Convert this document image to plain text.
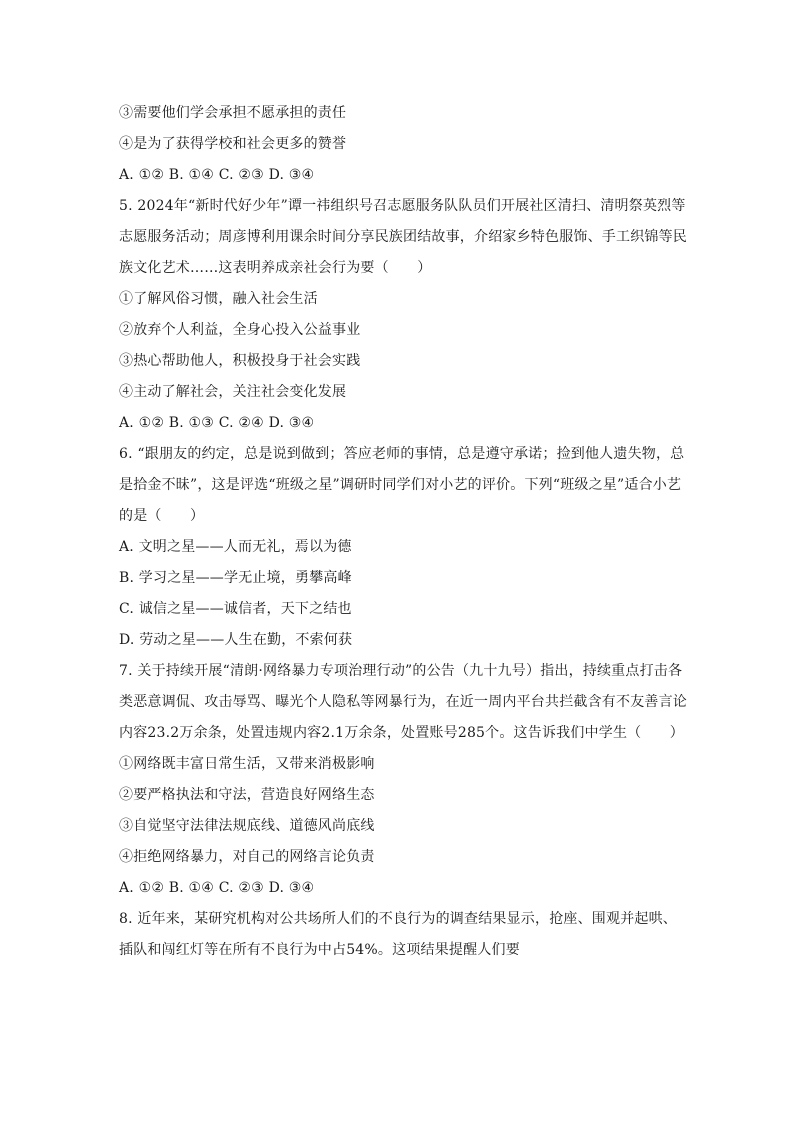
③需要他们学会承担不愿承担的责任
④是为了获得学校和社会更多的赞誉
A. ①② B. ①④ C. ②③ D. ③④
5. 2024年“新时代好少年”谭一祎组织号召志愿服务队队员们开展社区清扫、清明祭英烈等
志愿服务活动；周彦博利用课余时间分享民族团结故事，介绍家乡特色服饰、手工织锦等民
族文化艺术……这表明养成亲社会行为要（　　）
①了解风俗习惯，融入社会生活
②放弃个人利益，全身心投入公益事业
③热心帮助他人，积极投身于社会实践
④主动了解社会，关注社会变化发展
A. ①② B. ①③ C. ②④ D. ③④
6. “跟朋友的约定，总是说到做到；答应老师的事情，总是遵守承诺；捡到他人遗失物，总
是拾金不昧”，这是评选“班级之星”调研时同学们对小艺的评价。下列“班级之星”适合小艺
的是（　　）
A. 文明之星——人而无礼，焉以为德
B. 学习之星——学无止境，勇攀高峰
C. 诚信之星——诚信者，天下之结也
D. 劳动之星——人生在勤，不索何获
7. 关于持续开展“清朗·网络暴力专项治理行动”的公告（九十九号）指出，持续重点打击各
类恶意调侃、攻击辱骂、曝光个人隐私等网暴行为，在近一周内平台共拦截含有不友善言论
内容23.2万余条，处置违规内容2.1万余条，处置账号285个。这告诉我们中学生（　　）
①网络既丰富日常生活，又带来消极影响
②要严格执法和守法，营造良好网络生态
③自觉坚守法律法规底线、道德风尚底线
④拒绝网络暴力，对自己的网络言论负责
A. ①② B. ①④ C. ②③ D. ③④
8. 近年来，某研究机构对公共场所人们的不良行为的调查结果显示，抢座、围观并起哄、
插队和闯红灯等在所有不良行为中占54%。这项结果提醒人们要
